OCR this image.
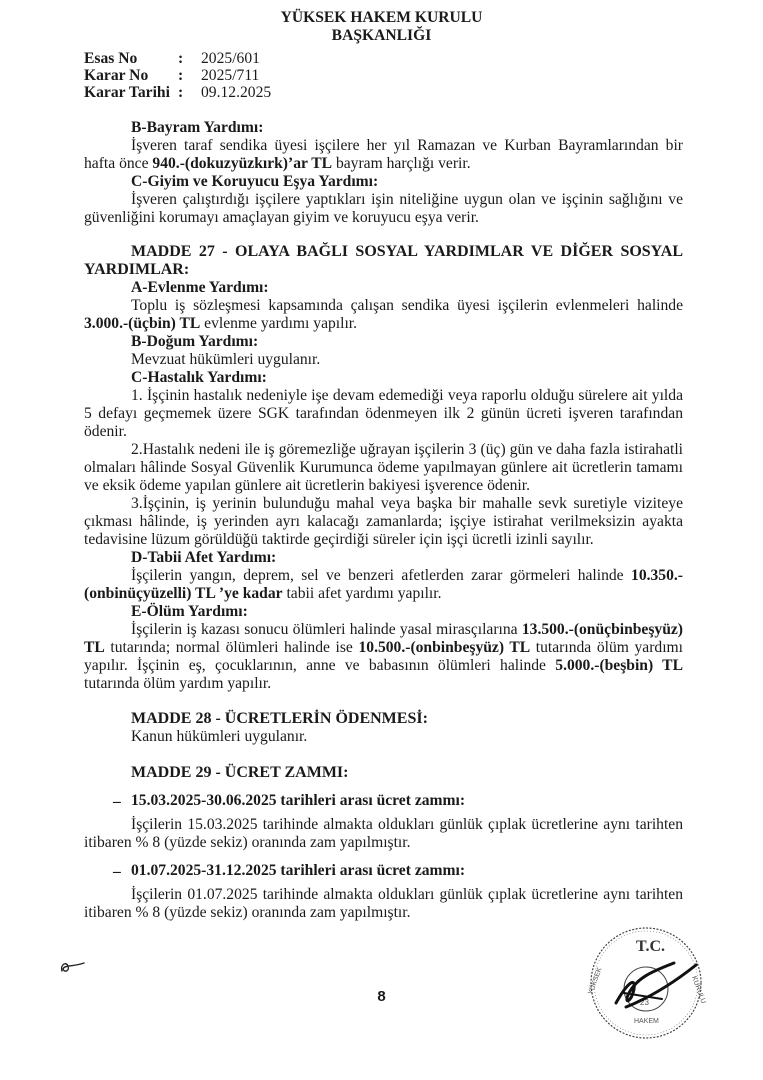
YÜKSEK HAKEM KURULU
BAŞKANLIĞI
Esas No	: 2025/601
Karar No : 2025/711
Karar Tarihi : 09.12.2025
B-Bayram Yardımı:
İşveren taraf sendika üyesi işçilere her yıl Ramazan ve Kurban Bayramlarından bir
hafta önce 940.-(dokuzyüzkırk)’ar TL bayram harçlığı verir.
C-Giyim ve Koruyucu Eşya Yardımı:
İşveren çalıştırdığı işçilere yaptıkları işin niteliğine uygun olan ve işçinin sağlığını ve
güvenliğini korumayı amaçlayan giyim ve koruyucu eşya verir.
MADDE 27 - OLAYA BAĞLI SOSYAL YARDIMLAR VE DİĞER SOSYAL
YARDIMLAR:
A-Evlenme Yardımı:
Toplu iş sözleşmesi kapsamında çalışan sendika üyesi işçilerin evlenmeleri halinde
3.000.-(üçbin) TL evlenme yardımı yapılır.
B-Doğum Yardımı:
Mevzuat hükümleri uygulanır.
C-Hastalık Yardımı:
1. İşçinin hastalık nedeniyle işe devam edemediği veya raporlu olduğu sürelere ait yılda
5 defayı geçmemek üzere SGK tarafından ödenmeyen ilk 2 günün ücreti işveren tarafından
ödenir.
2.Hastalık nedeni ile iş göremezliğe uğrayan işçilerin 3 (üç) gün ve daha fazla istirahatli
olmaları hâlinde Sosyal Güvenlik Kurumunca ödeme yapılmayan günlere ait ücretlerin tamamı
ve eksik ödeme yapılan günlere ait ücretlerin bakiyesi işverence ödenir.
3.İşçinin, iş yerinin bulunduğu mahal veya başka bir mahalle sevk suretiyle viziteye
çıkması hâlinde, iş yerinden ayrı kalacağı zamanlarda; işçiye istirahat verilmeksizin ayakta
tedavisine lüzum görüldüğü taktirde geçirdiği süreler için işçi ücretli izinli sayılır.
D-Tabii Afet Yardımı:
İşçilerin yangın, deprem, sel ve benzeri afetlerden zarar görmeleri halinde 10.350.-
(onbinüçyüzelli) TL ’ye kadar tabii afet yardımı yapılır.
E-Ölüm Yardımı:
İşçilerin iş kazası sonucu ölümleri halinde yasal mirasçılarına 13.500.-(onüçbinbeşyüz)
TL tutarında; normal ölümleri halinde ise 10.500.-(onbinbeşyüz) TL tutarında ölüm yardımı
yapılır. İşçinin eş, çocuklarının, anne ve babasının ölümleri halinde 5.000.-(beşbin) TL
tutarında ölüm yardım yapılır.
MADDE 28 - ÜCRETLERİN ÖDENMESİ:
Kanun hükümleri uygulanır.
MADDE 29 - ÜCRET ZAMMI:
– 15.03.2025-30.06.2025 tarihleri arası ücret zammı:
İşçilerin 15.03.2025 tarihinde almakta oldukları günlük çıplak ücretlerine aynı tarihten
itibaren % 8 (yüzde sekiz) oranında zam yapılmıştır.
– 01.07.2025-31.12.2025 tarihleri arası ücret zammı:
İşçilerin 01.07.2025 tarihinde almakta oldukları günlük çıplak ücretlerine aynı tarihten
itibaren % 8 (yüzde sekiz) oranında zam yapılmıştır.
8
T.C.
23
HAKEM
YÜKSEK	KURULU
